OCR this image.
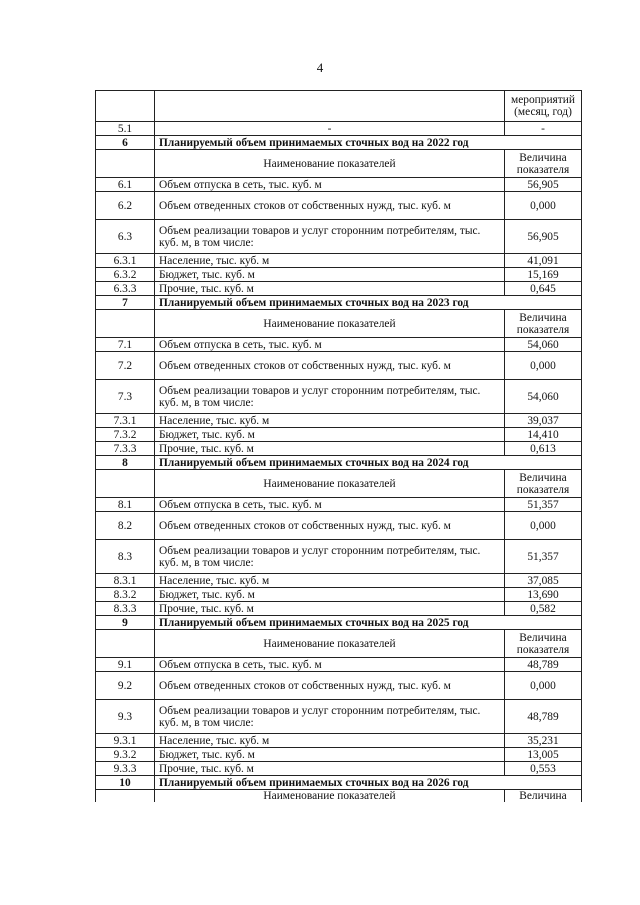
4
		мероприятий (месяц, год)
5.1	-	-
6	Планируемый объем принимаемых сточных вод на 2022 год	
	Наименование показателей	Величина показателя
6.1	Объем отпуска в сеть, тыс. куб. м	56,905
6.2	Объем отведенных стоков от собственных нужд, тыс. куб. м	0,000
6.3	Объем реализации товаров и услуг сторонним потребителям, тыс. куб. м, в том числе:	56,905
6.3.1	Население, тыс. куб. м	41,091
6.3.2	Бюджет, тыс. куб. м	15,169
6.3.3	Прочие, тыс. куб. м	0,645
7	Планируемый объем принимаемых сточных вод на 2023 год	
	Наименование показателей	Величина показателя
7.1	Объем отпуска в сеть, тыс. куб. м	54,060
7.2	Объем отведенных стоков от собственных нужд, тыс. куб. м	0,000
7.3	Объем реализации товаров и услуг сторонним потребителям, тыс. куб. м, в том числе:	54,060
7.3.1	Население, тыс. куб. м	39,037
7.3.2	Бюджет, тыс. куб. м	14,410
7.3.3	Прочие, тыс. куб. м	0,613
8	Планируемый объем принимаемых сточных вод на 2024 год	
	Наименование показателей	Величина показателя
8.1	Объем отпуска в сеть, тыс. куб. м	51,357
8.2	Объем отведенных стоков от собственных нужд, тыс. куб. м	0,000
8.3	Объем реализации товаров и услуг сторонним потребителям, тыс. куб. м, в том числе:	51,357
8.3.1	Население, тыс. куб. м	37,085
8.3.2	Бюджет, тыс. куб. м	13,690
8.3.3	Прочие, тыс. куб. м	0,582
9	Планируемый объем принимаемых сточных вод на 2025 год	
	Наименование показателей	Величина показателя
9.1	Объем отпуска в сеть, тыс. куб. м	48,789
9.2	Объем отведенных стоков от собственных нужд, тыс. куб. м	0,000
9.3	Объем реализации товаров и услуг сторонним потребителям, тыс. куб. м, в том числе:	48,789
9.3.1	Население, тыс. куб. м	35,231
9.3.2	Бюджет, тыс. куб. м	13,005
9.3.3	Прочие, тыс. куб. м	0,553
10	Планируемый объем принимаемых сточных вод на 2026 год	
	Наименование показателей	Величина
